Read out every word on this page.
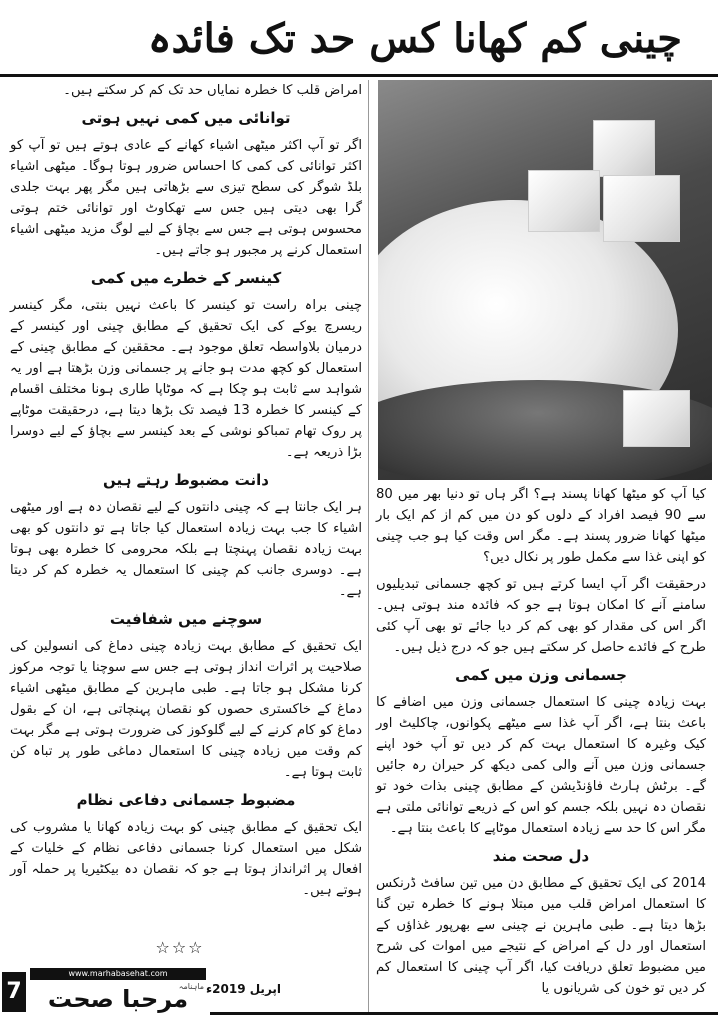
چینی کم کھانا کس حد تک فائدہ

امراض قلب کا خطرہ نمایاں حد تک کم کر سکتے ہیں۔

توانائی میں کمی نہیں ہوتی

اگر تو آپ اکثر میٹھی اشیاء کھانے کے عادی ہوتے ہیں تو آپ کو اکثر توانائی کی کمی کا احساس ضرور ہوتا ہوگا۔ میٹھی اشیاء بلڈ شوگر کی سطح تیزی سے بڑھاتی ہیں مگر پھر بہت جلدی گرا بھی دیتی ہیں جس سے تھکاوٹ اور توانائی ختم ہوتی محسوس ہوتی ہے جس سے بچاؤ کے لیے لوگ مزید میٹھی اشیاء استعمال کرنے پر مجبور ہو جاتے ہیں۔

کینسر کے خطرے میں کمی

چینی براہ راست تو کینسر کا باعث نہیں بنتی، مگر کینسر ریسرچ یوکے کی ایک تحقیق کے مطابق چینی اور کینسر کے درمیان بلاواسطہ تعلق موجود ہے۔ محققین کے مطابق چینی کے استعمال کو کچھ مدت ہو جانے پر جسمانی وزن بڑھتا ہے اور یہ شواہد سے ثابت ہو چکا ہے کہ موٹاپا طاری ہونا مختلف اقسام کے کینسر کا خطرہ 13 فیصد تک بڑھا دیتا ہے، درحقیقت موٹاپے پر روک تھام تمباکو نوشی کے بعد کینسر سے بچاؤ کے لیے دوسرا بڑا ذریعہ ہے۔

دانت مضبوط رہتے ہیں

ہر ایک جانتا ہے کہ چینی دانتوں کے لیے نقصان دہ ہے اور میٹھی اشیاء کا جب بہت زیادہ استعمال کیا جاتا ہے تو دانتوں کو بھی بہت زیادہ نقصان پہنچتا ہے بلکہ محرومی کا خطرہ بھی ہوتا ہے۔ دوسری جانب کم چینی کا استعمال یہ خطرہ کم کر دیتا ہے۔

سوچنے میں شفافیت

ایک تحقیق کے مطابق بہت زیادہ چینی دماغ کی انسولین کی صلاحیت پر اثرات انداز ہوتی ہے جس سے سوچنا یا توجہ مرکوز کرنا مشکل ہو جاتا ہے۔ طبی ماہرین کے مطابق میٹھی اشیاء دماغ کے خاکستری حصوں کو نقصان پہنچاتی ہے، ان کے بقول دماغ کو کام کرنے کے لیے گلوکوز کی ضرورت ہوتی ہے مگر بہت کم وقت میں زیادہ چینی کا استعمال دماغی طور پر تباہ کن ثابت ہوتا ہے۔

مضبوط جسمانی دفاعی نظام

ایک تحقیق کے مطابق چینی کو بہت زیادہ کھانا یا مشروب کی شکل میں استعمال کرنا جسمانی دفاعی نظام کے خلیات کے افعال پر اثرانداز ہوتا ہے جو کہ نقصان دہ بیکٹیریا پر حملہ آور ہوتے ہیں۔

کیا آپ کو میٹھا کھانا پسند ہے؟ اگر ہاں تو دنیا بھر میں 80 سے 90 فیصد افراد کے دلوں کو دن میں کم از کم ایک بار میٹھا کھانا ضرور پسند ہے۔ مگر اس وقت کیا ہو جب چینی کو اپنی غذا سے مکمل طور پر نکال دیں؟

درحقیقت اگر آپ ایسا کرتے ہیں تو کچھ جسمانی تبدیلیوں سامنے آنے کا امکان ہوتا ہے جو کہ فائدہ مند ہوتی ہیں۔ اگر اس کی مقدار کو بھی کم کر دیا جائے تو بھی آپ کئی طرح کے فائدے حاصل کر سکتے ہیں جو کہ درج ذیل ہیں۔

جسمانی وزن میں کمی

بہت زیادہ چینی کا استعمال جسمانی وزن میں اضافے کا باعث بنتا ہے، اگر آپ غذا سے میٹھے پکوانوں، چاکلیٹ اور کیک وغیرہ کا استعمال بہت کم کر دیں تو آپ خود اپنے جسمانی وزن میں آنے والی کمی دیکھ کر حیران رہ جائیں گے۔ برٹش ہارٹ فاؤنڈیشن کے مطابق چینی بذات خود تو نقصان دہ نہیں بلکہ جسم کو اس کے ذریعے توانائی ملتی ہے مگر اس کا حد سے زیادہ استعمال موٹاپے کا باعث بنتا ہے۔

دل صحت مند

2014 کی ایک تحقیق کے مطابق دن میں تین سافٹ ڈرنکس کا استعمال امراض قلب میں مبتلا ہونے کا خطرہ تین گنا بڑھا دیتا ہے۔ طبی ماہرین نے چینی سے بھرپور غذاؤں کے استعمال اور دل کے امراض کے نتیجے میں اموات کی شرح میں مضبوط تعلق دریافت کیا، اگر آپ چینی کا استعمال کم کر دیں تو خون کی شریانوں یا

☆☆☆
7
www.marhabasehat.com
مرحبا صحت
ماہنامہ اپریل 2019ء
